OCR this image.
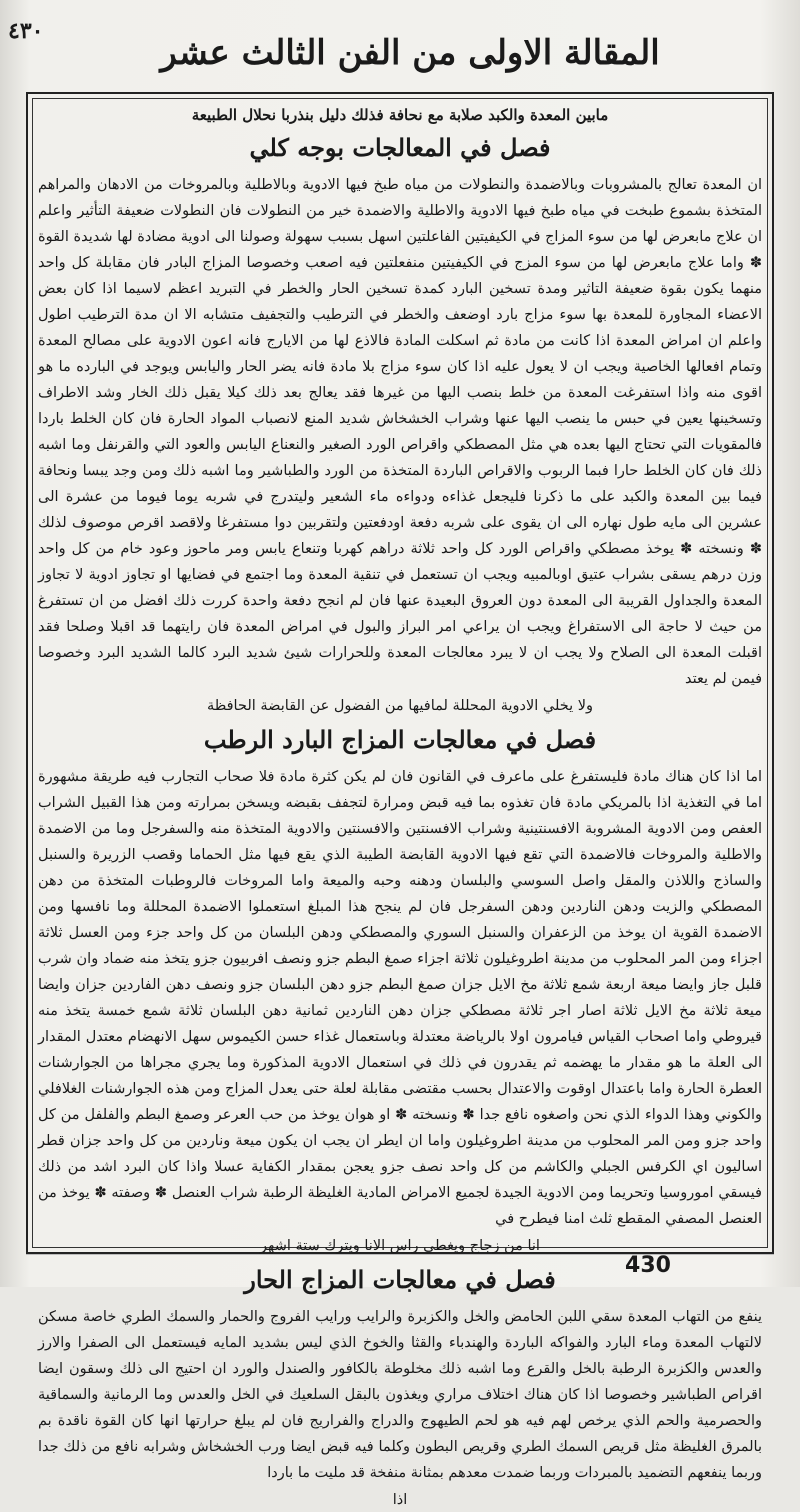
٤٣٠
المقالة الاولى من الفن الثالث عشر
مابين المعدة والكبد صلابة مع نحافة فذلك دليل بنذربا نحلال الطبيعة
فصل في المعالجات بوجه كلي

ان المعدة تعالج بالمشروبات وبالاضمدة والنطولات من مياه طبخ فيها الادوية وبالاطلية وبالمروخات من الادهان والمراهم المتخذة بشموع طبخت في مياه طبخ فيها الادوية والاطلية والاضمدة خير من النطولات فان النطولات ضعيفة التأثير واعلم ان علاج مابعرض لها من سوء المزاج في الكيفيتين الفاعلتين اسهل بسبب سهولة وصولنا الى ادوية مضادة لها شديدة القوة ✽ واما علاج مابعرض لها من سوء المزج في الكيفيتين منفعلتين فيه اصعب وخصوصا المزاج البادر فان مقابلة كل واحد منهما يكون بقوة ضعيفة التاثير ومدة تسخين البارد كمدة تسخين الحار والخطر في التبريد اعظم لاسيما اذا كان بعض الاعضاء المجاورة للمعدة بها سوء مزاج بارد اوضعف والخطر في الترطيب والتجفيف متشابه الا ان مدة الترطيب اطول واعلم ان امراض المعدة اذا كانت من مادة ثم اسكلت المادة فالاذع لها من الايارج فانه اعون الادوية على مصالح المعدة وتمام افعالها الخاصية ويجب ان لا يعول عليه اذا كان سوء مزاج بلا مادة فانه يضر الحار واليابس ويوجد في البارده ما هو اقوى منه واذا استفرغت المعدة من خلط بنصب اليها من غيرها فقد يعالج بعد ذلك كيلا يقبل ذلك الخار وشد الاطراف وتسخينها يعين في حبس ما ينصب اليها عنها وشراب الخشخاش شديد المنع لانصباب المواد الحارة فان كان الخلط باردا فالمقويات التي تحتاج اليها بعده هي مثل المصطكي واقراص الورد الصغير والنعناع اليابس والعود التي والقرنفل وما اشبه ذلك فان كان الخلط حارا فبما الربوب والاقراص الباردة المتخذة من الورد والطباشير وما اشبه ذلك ومن وجد يبسا ونحافة فيما بين المعدة والكبد على ما ذكرنا فليجعل غذاءه ودواءه ماء الشعير وليتدرج في شربه يوما فيوما من عشرة الى عشرين الى مايه طول نهاره الى ان يقوى على شربه دفعة اودفعتين ولتقربين دوا مستفرغا ولاقصد اقرص موصوف لذلك ✽ ونسخته ✽ يوخذ مصطكي واقراص الورد كل واحد ثلاثة دراهم كهربا وتنعاع يابس ومر ماحوز وعود خام من كل واحد وزن درهم يسقى بشراب عتيق اوبالمبيه ويجب ان تستعمل في تنقية المعدة وما اجتمع في فضايها او تجاوز ادوية لا تجاوز المعدة والجداول القريبة الى المعدة دون العروق البعيدة عنها فان لم انجح دفعة واحدة كررت ذلك افضل من ان تستفرغ من حيث لا حاجة الى الاستفراغ ويجب ان يراعي امر البراز والبول في امراض المعدة فان رايتهما قد اقبلا وصلحا فقد اقبلت المعدة الى الصلاح ولا يجب ان لا يبرد معالجات المعدة وللحرارات شيئ شديد البرد كالما الشديد البرد وخصوصا فيمن لم يعتد

ولا يخلي الادوية المحللة لمافيها من الفضول عن القابضة الحافظة

فصل في معالجات المزاج البارد الرطب

اما اذا كان هناك مادة فليستفرغ على ماعرف في القانون فان لم يكن كثرة مادة فلا صحاب التجارب فيه طريقة مشهورة اما في التغذية اذا بالمريكي مادة فان تغذوه بما فيه قبض ومرارة لتجفف بقبضه ويسخن بمرارته ومن هذا القبيل الشراب العفص ومن الادوية المشروبة الافسنتينية وشراب الافسنتين والافسنتين والادوية المتخذة منه والسفرجل وما من الاضمدة والاطلية والمروخات فالاضمدة التي تقع فيها الادوية القابضة الطيبة الذي يقع فيها مثل الحماما وقصب الزريرة والسنبل والساذج واللاذن والمقل واصل السوسي والبلسان ودهنه وحبه والميعة واما المروخات فالروطبات المتخذة من دهن المصطكي والزيت ودهن الناردين ودهن السفرجل فان لم ينجح هذا المبلغ استعملوا الاضمدة المحللة وما نافسها ومن الاضمدة القوية ان يوخذ من الزعفران والسنبل السوري والمصطكي ودهن البلسان من كل واحد جزء ومن العسل ثلاثة اجزاء ومن المر المحلوب من مدينة اطروغيلون ثلاثة اجزاء صمغ البطم جزو ونصف افربيون جزو يتخذ منه ضماد وان شرب قلبل جاز وايضا ميعة اربعة شمع ثلاثة مخ الايل جزان صمغ البطم جزو دهن البلسان جزو ونصف دهن الفاردين جزان وايضا ميعة ثلاثة مخ الايل ثلاثة اصار اجر ثلاثة مصطكي جزان دهن الناردين ثمانية دهن البلسان ثلاثة شمع خمسة يتخذ منه قيروطي واما اصحاب القياس فيامرون اولا بالرياضة معتدلة وباستعمال غذاء حسن الكيموس سهل الانهضام معتدل المقدار الى العلة ما هو مقدار ما يهضمه ثم يقدرون في ذلك في استعمال الادوية المذكورة وما يجري مجراها من الجوارشنات العطرة الحارة واما باعتدال اوقوت والاعتدال بحسب مقتضى مقابلة لعلة حتى يعدل المزاج ومن هذه الجوارشنات الغلافلي والكوني وهذا الدواء الذي نحن واصغوه نافع جدا ✽ ونسخته ✽ او هوان يوخذ من حب العرعر وصمغ البطم والفلفل من كل واحد جزو ومن المر المحلوب من مدينة اطروغيلون واما ان ايطر ان يجب ان يكون ميعة وناردين من كل واحد جزان قطر اساليون اي الكرفس الجبلي والكاشم من كل واحد نصف جزو يعجن بمقدار الكفاية عسلا واذا كان البرد اشد من ذلك فيسقي اموروسيا وتحريما ومن الادوية الجيدة لجميع الامراض المادية الغليظة الرطبة شراب العنصل ✽ وصفته ✽ يوخذ من العنصل المصفي المقطع ثلث امنا فيطرح في

انا من زجاج ويغطي راس الانا ويترك ستة اشهر

فصل في معالجات المزاج الحار

ينفع من التهاب المعدة سقي اللبن الحامض والخل والكزبرة والرايب ورايب الفروج والحمار والسمك الطري خاصة مسكن لالتهاب المعدة وماء البارد والفواكه الباردة والهندباء والقثا والخوخ الذي ليس بشديد المايه فيستعمل الى الصفرا والارز والعدس والكزبرة الرطبة بالخل والقرع وما اشبه ذلك مخلوطة بالكافور والصندل والورد ان احتيج الى ذلك وسقون ايضا اقراص الطباشير وخصوصا اذا كان هناك اختلاف مراري ويغذون بالبقل السلعيك في الخل والعدس وما الرمانية والسماقية والحصرمية والحم الذي يرخص لهم فيه هو لحم الطيهوج والدراج والفراريج فان لم يبلغ حرارتها انها كان القوة ناقدة بم بالمرق الغليظة مثل قريص السمك الطري وقريص البطون وكلما فيه قبض ايضا ورب الخشخاش وشرابه نافع من ذلك جدا وربما ينفعهم التضميد بالمبردات وربما ضمدت معدهم بمثانة منفخة قد مليت ما باردا

اذا

430
